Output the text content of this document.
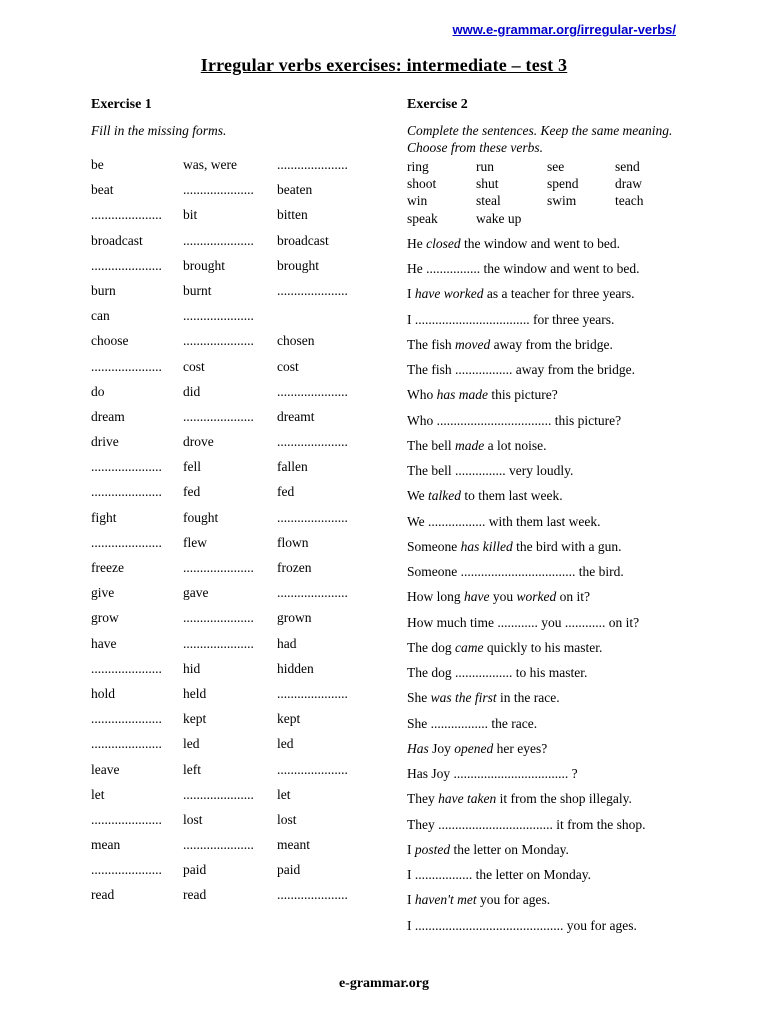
www.e-grammar.org/irregular-verbs/
Irregular verbs exercises: intermediate – test 3
Exercise 1
Fill in the missing forms.
be	was, were	.....................
beat	.....................	beaten
.....................	bit	bitten
broadcast	.....................	broadcast
.....................	brought	brought
burn	burnt	.....................
can	.....................
choose	.....................	chosen
.....................	cost	cost
do	did	.....................
dream	.....................	dreamt
drive	drove	.....................
.....................	fell	fallen
.....................	fed	fed
fight	fought	.....................
.....................	flew	flown
freeze	.....................	frozen
give	gave	.....................
grow	.....................	grown
have	.....................	had
.....................	hid	hidden
hold	held	.....................
.....................	kept	kept
.....................	led	led
leave	left	.....................
let	.....................	let
.....................	lost	lost
mean	.....................	meant
.....................	paid	paid
read	read	.....................
Exercise 2
Complete the sentences. Keep the same meaning. Choose from these verbs.
ring	run	see	send
shoot	shut	spend	draw
win	steal	swim	teach
speak	wake up
He closed the window and went to bed.
He ................ the window and went to bed.
I have worked as a teacher for three years.
I .................................. for three years.
The fish moved away from the bridge.
The fish ................. away from the bridge.
Who has made this picture?
Who .................................. this picture?
The bell made a lot noise.
The bell ............... very loudly.
We talked to them last week.
We ................. with them last week.
Someone has killed the bird with a gun.
Someone .................................. the bird.
How long have you worked on it?
How much time ............ you ............ on it?
The dog came quickly to his master.
The dog ................. to his master.
She was the first in the race.
She ................. the race.
Has Joy opened her eyes?
Has Joy .................................. ?
They have taken it from the shop illegaly.
They .................................. it from the shop.
I posted the letter on Monday.
I ................. the letter on Monday.
I haven't met you for ages.
I ............................................ you for ages.
e-grammar.org
